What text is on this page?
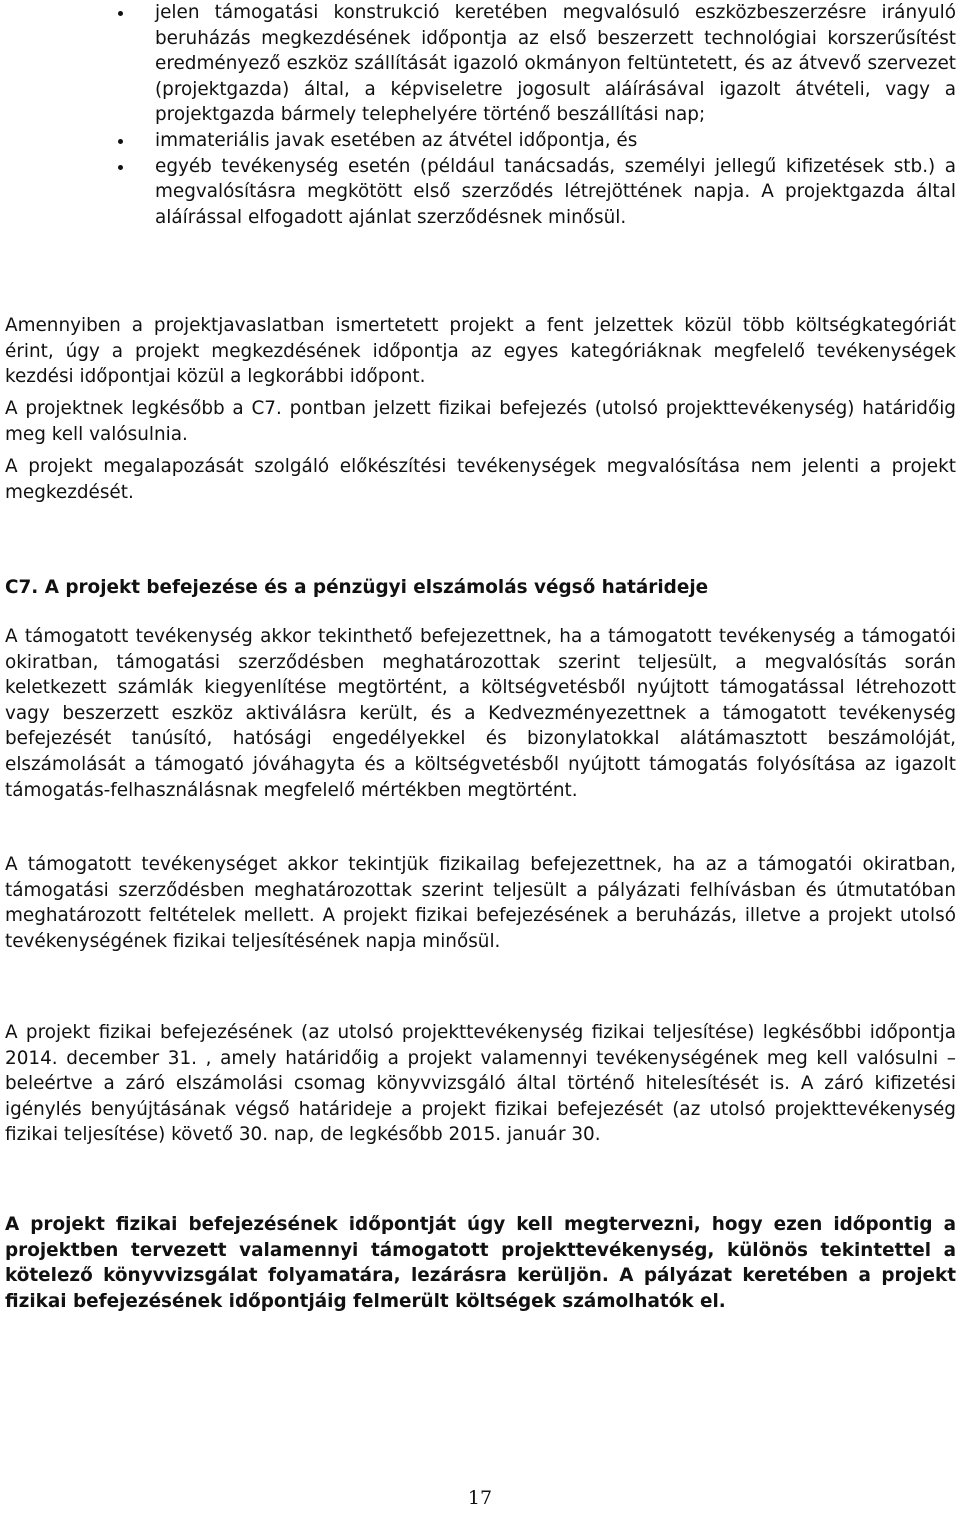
jelen támogatási konstrukció keretében megvalósuló eszközbeszerzésre irányuló beruházás megkezdésének időpontja az első beszerzett technológiai korszerűsítést eredményező eszköz szállítását igazoló okmányon feltüntetett, és az átvevő szervezet (projektgazda) által, a képviseletre jogosult aláírásával igazolt átvételi, vagy a projektgazda bármely telephelyére történő beszállítási nap;
immateriális javak esetében az átvétel időpontja, és
egyéb tevékenység esetén (például tanácsadás, személyi jellegű kifizetések stb.) a megvalósításra megkötött első szerződés létrejöttének napja. A projektgazda által aláírással elfogadott ajánlat szerződésnek minősül.

Amennyiben a projektjavaslatban ismertetett projekt a fent jelzettek közül több költségkategóriát érint, úgy a projekt megkezdésének időpontja az egyes kategóriáknak megfelelő tevékenységek kezdési időpontjai közül a legkorábbi időpont.

A projektnek legkésőbb a C7. pontban jelzett fizikai befejezés (utolsó projekttevékenység) határidőig meg kell valósulnia.

A projekt megalapozását szolgáló előkészítési tevékenységek megvalósítása nem jelenti a projekt megkezdését.

C7. A projekt befejezése és a pénzügyi elszámolás végső határideje

A támogatott tevékenység akkor tekinthető befejezettnek, ha a támogatott tevékenység a támogatói okiratban, támogatási szerződésben meghatározottak szerint teljesült, a megvalósítás során keletkezett számlák kiegyenlítése megtörtént, a költségvetésből nyújtott támogatással létrehozott vagy beszerzett eszköz aktiválásra került, és a Kedvezményezettnek a támogatott tevékenység befejezését tanúsító, hatósági engedélyekkel és bizonylatokkal alátámasztott beszámolóját, elszámolását a támogató jóváhagyta és a költségvetésből nyújtott támogatás folyósítása az igazolt támogatás-felhasználásnak megfelelő mértékben megtörtént.

A támogatott tevékenységet akkor tekintjük fizikailag befejezettnek, ha az a támogatói okiratban, támogatási szerződésben meghatározottak szerint teljesült a pályázati felhívásban és útmutatóban meghatározott feltételek mellett. A projekt fizikai befejezésének a beruházás, illetve a projekt utolsó tevékenységének fizikai teljesítésének napja minősül.

A projekt fizikai befejezésének (az utolsó projekttevékenység fizikai teljesítése) legkésőbbi időpontja 2014. december 31. , amely határidőig a projekt valamennyi tevékenységének meg kell valósulni – beleértve a záró elszámolási csomag könyvvizsgáló által történő hitelesítését is. A záró kifizetési igénylés benyújtásának végső határideje a projekt fizikai befejezését (az utolsó projekttevékenység fizikai teljesítése) követő 30. nap, de legkésőbb 2015. január 30.

A projekt fizikai befejezésének időpontját úgy kell megtervezni, hogy ezen időpontig a projektben tervezett valamennyi támogatott projekttevékenység, különös tekintettel a kötelező könyvvizsgálat folyamatára, lezárásra kerüljön. A pályázat keretében a projekt fizikai befejezésének időpontjáig felmerült költségek számolhatók el.

17
